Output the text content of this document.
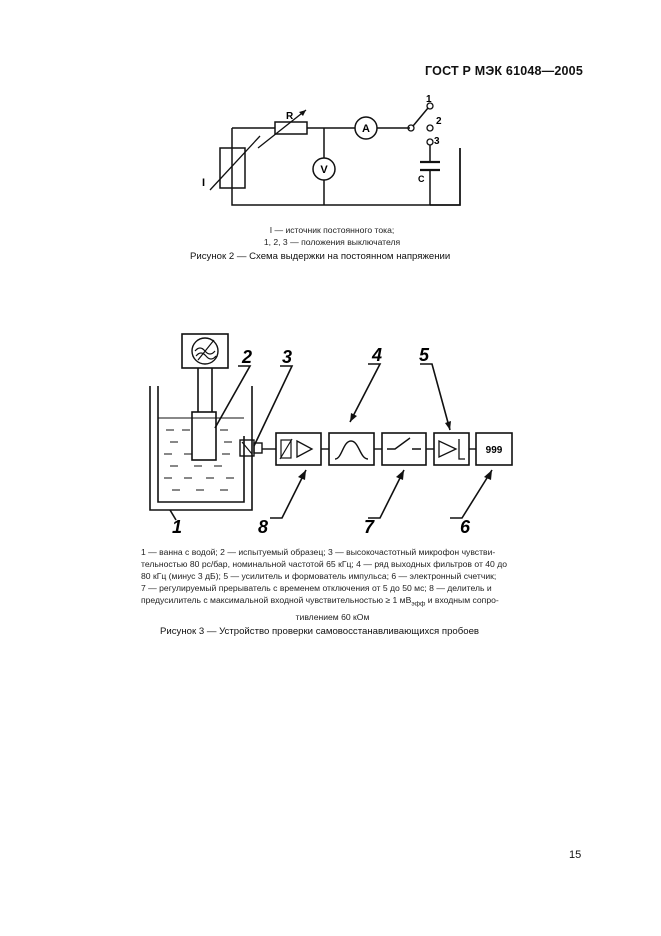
ГОСТ Р МЭК 61048—2005
I
R
A
V
1
2
3
C
I — источник постоянного тока;
1, 2, 3 — положения выключателя
Рисунок 2 — Схема выдержки на постоянном напряжении
999
2 3	4 5
1	8	7	6
1 — ванна с водой; 2 — испытуемый образец; 3 — высокочастотный микрофон чувстви-
тельностью 80 рс/бар, номинальной частотой 65 кГц; 4 — ряд выходных фильтров от 40 до
80 кГц (минус 3 дБ); 5 — усилитель и формователь импульса; 6 — электронный счетчик;
7 — регулируемый прерыватель с временем отключения от 5 до 50 мс; 8 — делитель и
предусилитель с максимальной входной чувствительностью ≥ 1 $мВ_{эфф}$ и входным сопро-
тивлением 60 кОм
Рисунок 3 — Устройство проверки самовосстанавливающихся пробоев
15
